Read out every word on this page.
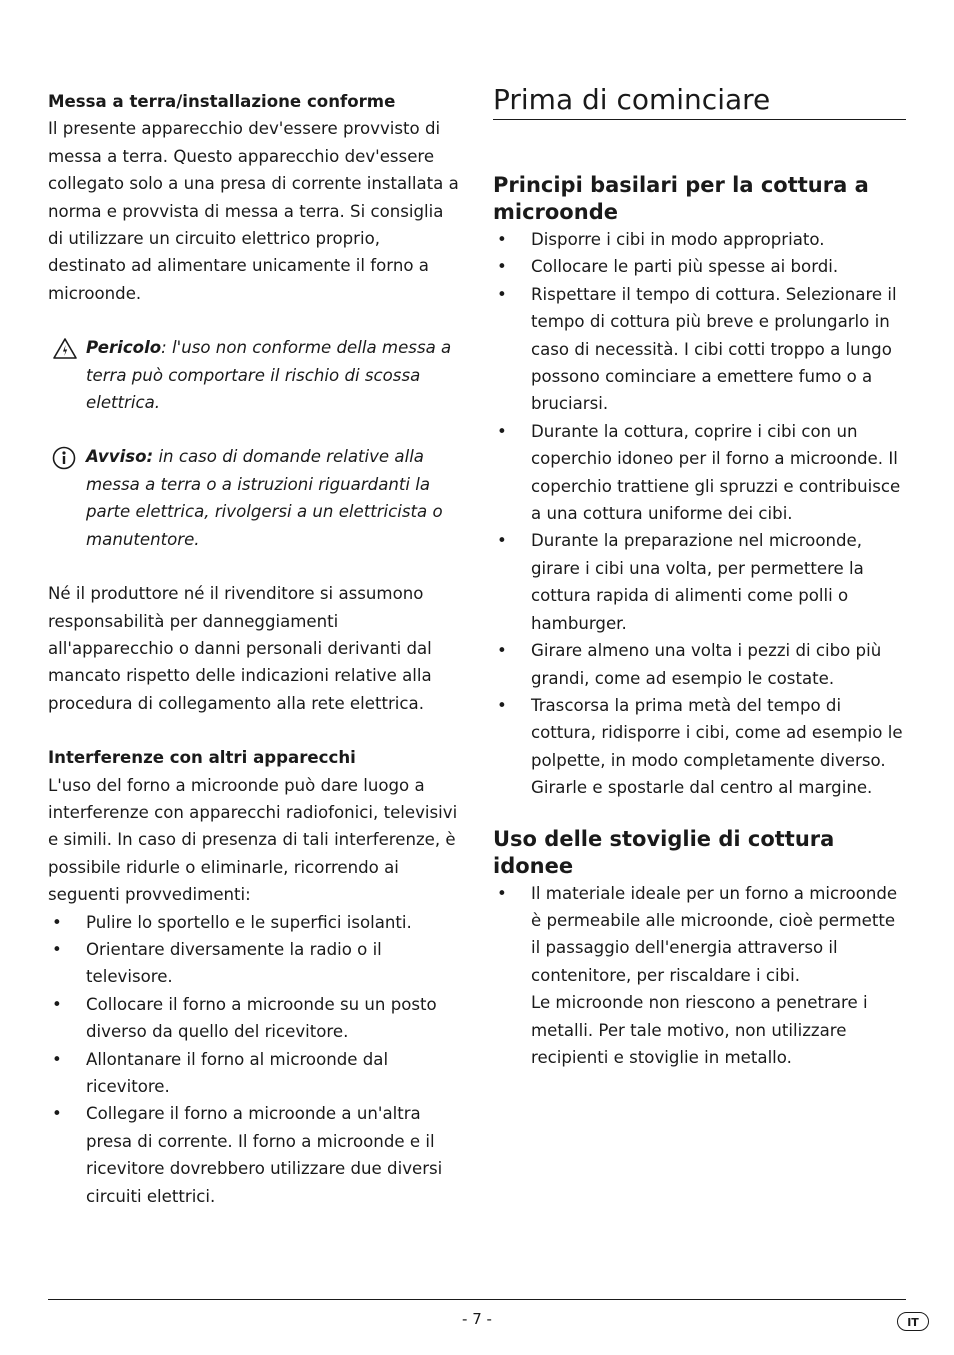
Messa a terra/installazione conforme

Il presente apparecchio dev'essere provvisto di messa a terra. Questo apparecchio dev'essere collegato solo a una presa di corrente installata a norma e provvista di messa a terra. Si consiglia di utilizzare un circuito elettrico proprio, destinato ad alimentare unicamente il forno a microonde.

Pericolo: l'uso non conforme della messa a terra può comportare il rischio di scossa elettrica.

Avviso: in caso di domande relative alla messa a terra o a istruzioni riguardanti la parte elettrica, rivolgersi a un elettricista o manutentore.

Né il produttore né il rivenditore si assumono responsabilità per danneggiamenti all'apparecchio o danni personali derivanti dal mancato rispetto delle indicazioni relative alla procedura di collegamento alla rete elettrica.

Interferenze con altri apparecchi

L'uso del forno a microonde può dare luogo a interferenze con apparecchi radiofonici, televisivi e simili. In caso di presenza di tali interferenze, è possibile ridurle o eliminarle, ricorrendo ai seguenti provvedimenti:

• Pulire lo sportello e le superfici isolanti.
• Orientare diversamente la radio o il televisore.
• Collocare il forno a microonde su un posto diverso da quello del ricevitore.
• Allontanare il forno al microonde dal ricevitore.
• Collegare il forno a microonde a un'altra presa di corrente. Il forno a microonde e il ricevitore dovrebbero utilizzare due diversi circuiti elettrici.
Prima di cominciare
Principi basilari per la cottura a microonde
• Disporre i cibi in modo appropriato.
• Collocare le parti più spesse ai bordi.
• Rispettare il tempo di cottura. Selezionare il tempo di cottura più breve e prolungarlo in caso di necessità. I cibi cotti troppo a lungo possono cominciare a emettere fumo o a bruciarsi.
• Durante la cottura, coprire i cibi con un coperchio idoneo per il forno a microonde. Il coperchio trattiene gli spruzzi e contribuisce a una cottura uniforme dei cibi.
• Durante la preparazione nel microonde, girare i cibi una volta, per permettere la cottura rapida di alimenti come polli o hamburger.
• Girare almeno una volta i pezzi di cibo più grandi, come ad esempio le costate.
• Trascorsa la prima metà del tempo di cottura, ridisporre i cibi, come ad esempio le polpette, in modo completamente diverso. Girarle e spostarle dal centro al margine.
Uso delle stoviglie di cottura idonee
• Il materiale ideale per un forno a microonde è permeabile alle microonde, cioè permette il passaggio dell'energia attraverso il contenitore, per riscaldare i cibi.
Le microonde non riescono a penetrare i metalli. Per tale motivo, non utilizzare recipienti e stoviglie in metallo.
- 7 -	IT
